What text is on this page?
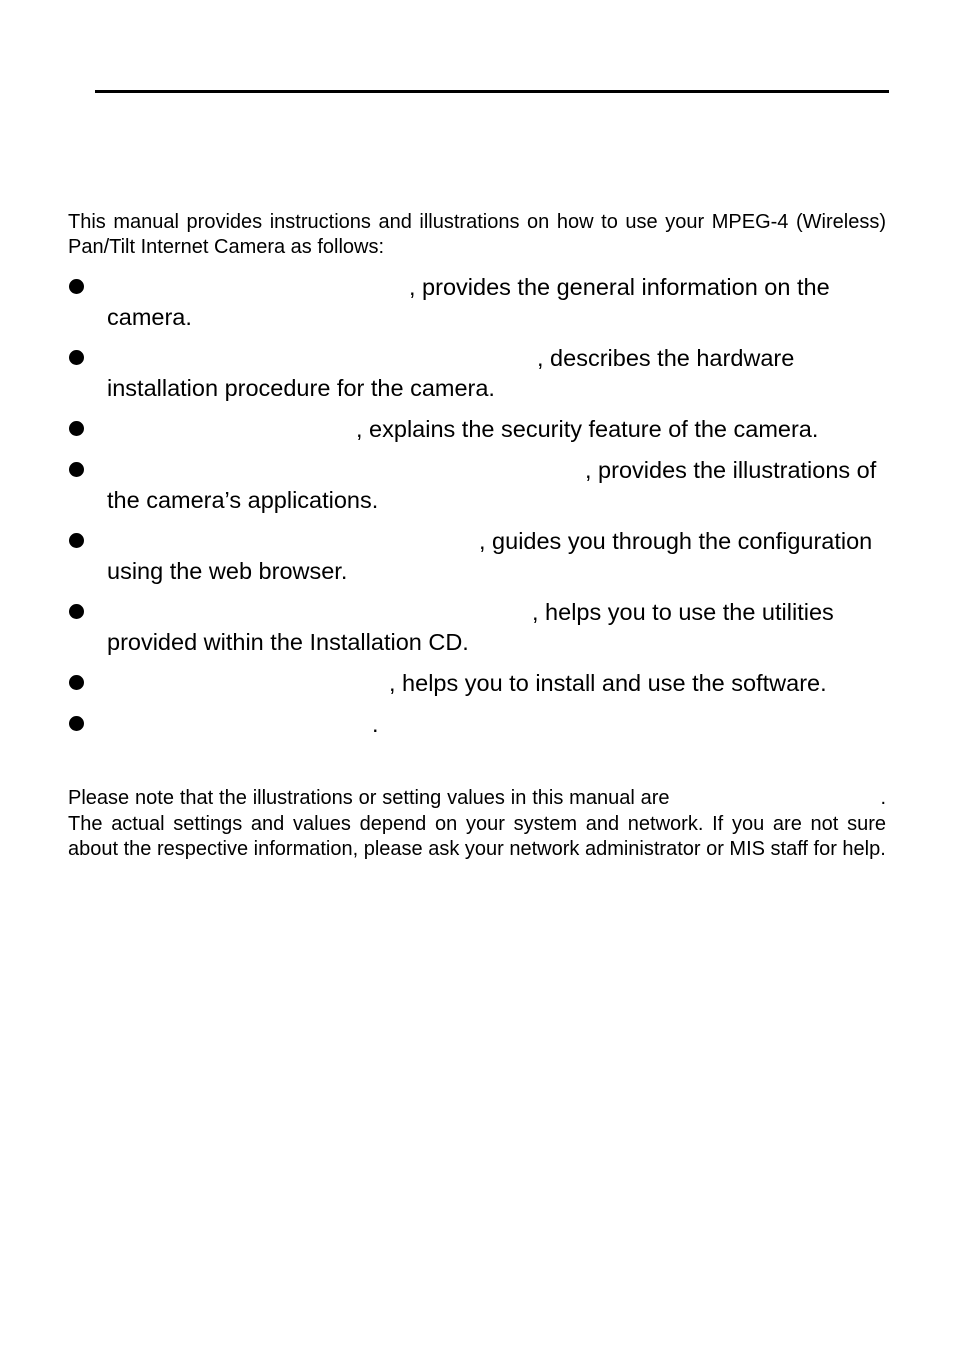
This manual provides instructions and illustrations on how to use your MPEG-4 (Wireless) Pan/Tilt Internet Camera as follows:

, provides the general information on the camera.
, describes the hardware installation procedure for the camera.
, explains the security feature of the camera.
, provides the illustrations of the camera’s applications.
, guides you through the configuration using the web browser.
, helps you to use the utilities provided within the Installation CD.
, helps you to install and use the software.
.

Please note that the illustrations or setting values in this manual are	. The actual settings and values depend on your system and network. If you are not sure about the respective information, please ask your network administrator or MIS staff for help.
